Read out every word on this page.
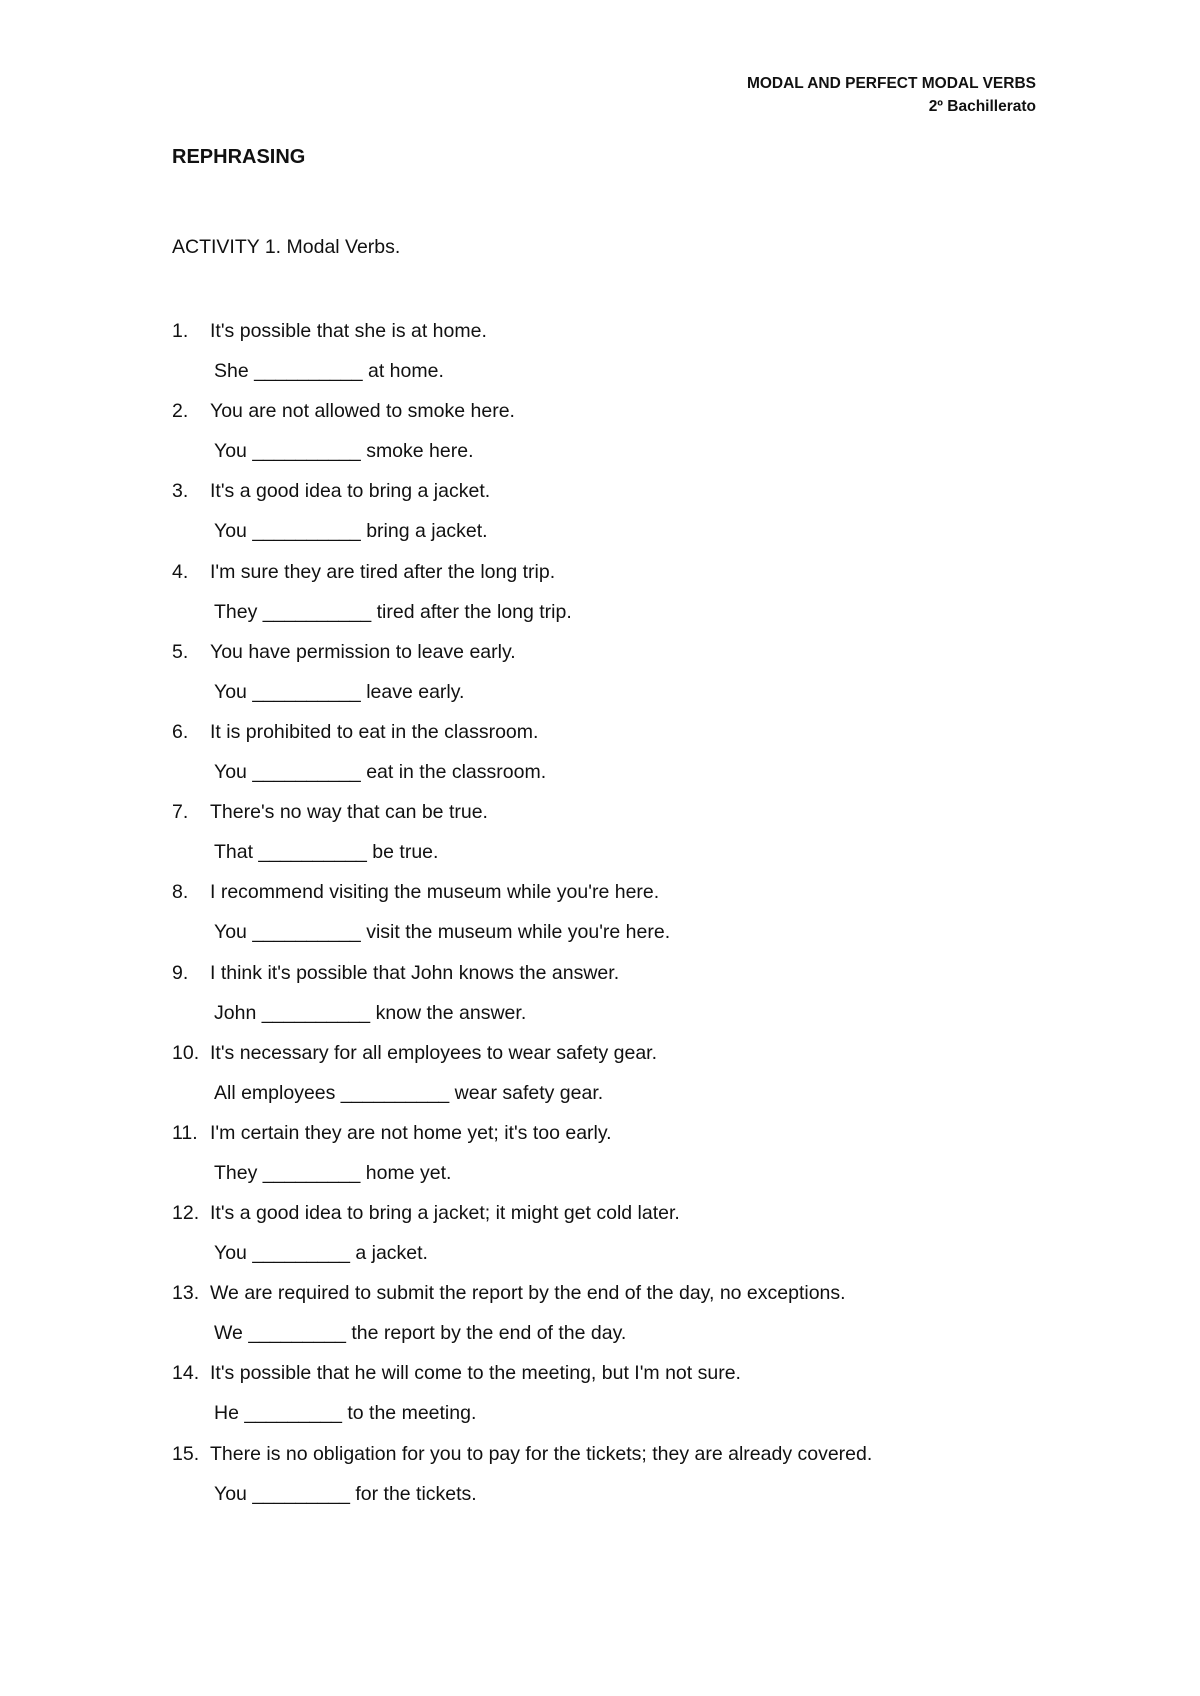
MODAL AND PERFECT MODAL VERBS
2º Bachillerato
REPHRASING
ACTIVITY 1. Modal Verbs.
1. It's possible that she is at home.
She __________ at home.
2. You are not allowed to smoke here.
You __________ smoke here.
3. It's a good idea to bring a jacket.
You __________ bring a jacket.
4. I'm sure they are tired after the long trip.
They __________ tired after the long trip.
5. You have permission to leave early.
You __________ leave early.
6. It is prohibited to eat in the classroom.
You __________ eat in the classroom.
7. There's no way that can be true.
That __________ be true.
8. I recommend visiting the museum while you're here.
You __________ visit the museum while you're here.
9. I think it's possible that John knows the answer.
John __________ know the answer.
10. It's necessary for all employees to wear safety gear.
All employees __________ wear safety gear.
11. I'm certain they are not home yet; it's too early.
They _________ home yet.
12. It's a good idea to bring a jacket; it might get cold later.
You _________ a jacket.
13. We are required to submit the report by the end of the day, no exceptions.
We _________ the report by the end of the day.
14. It's possible that he will come to the meeting, but I'm not sure.
He _________ to the meeting.
15. There is no obligation for you to pay for the tickets; they are already covered.
You _________ for the tickets.
